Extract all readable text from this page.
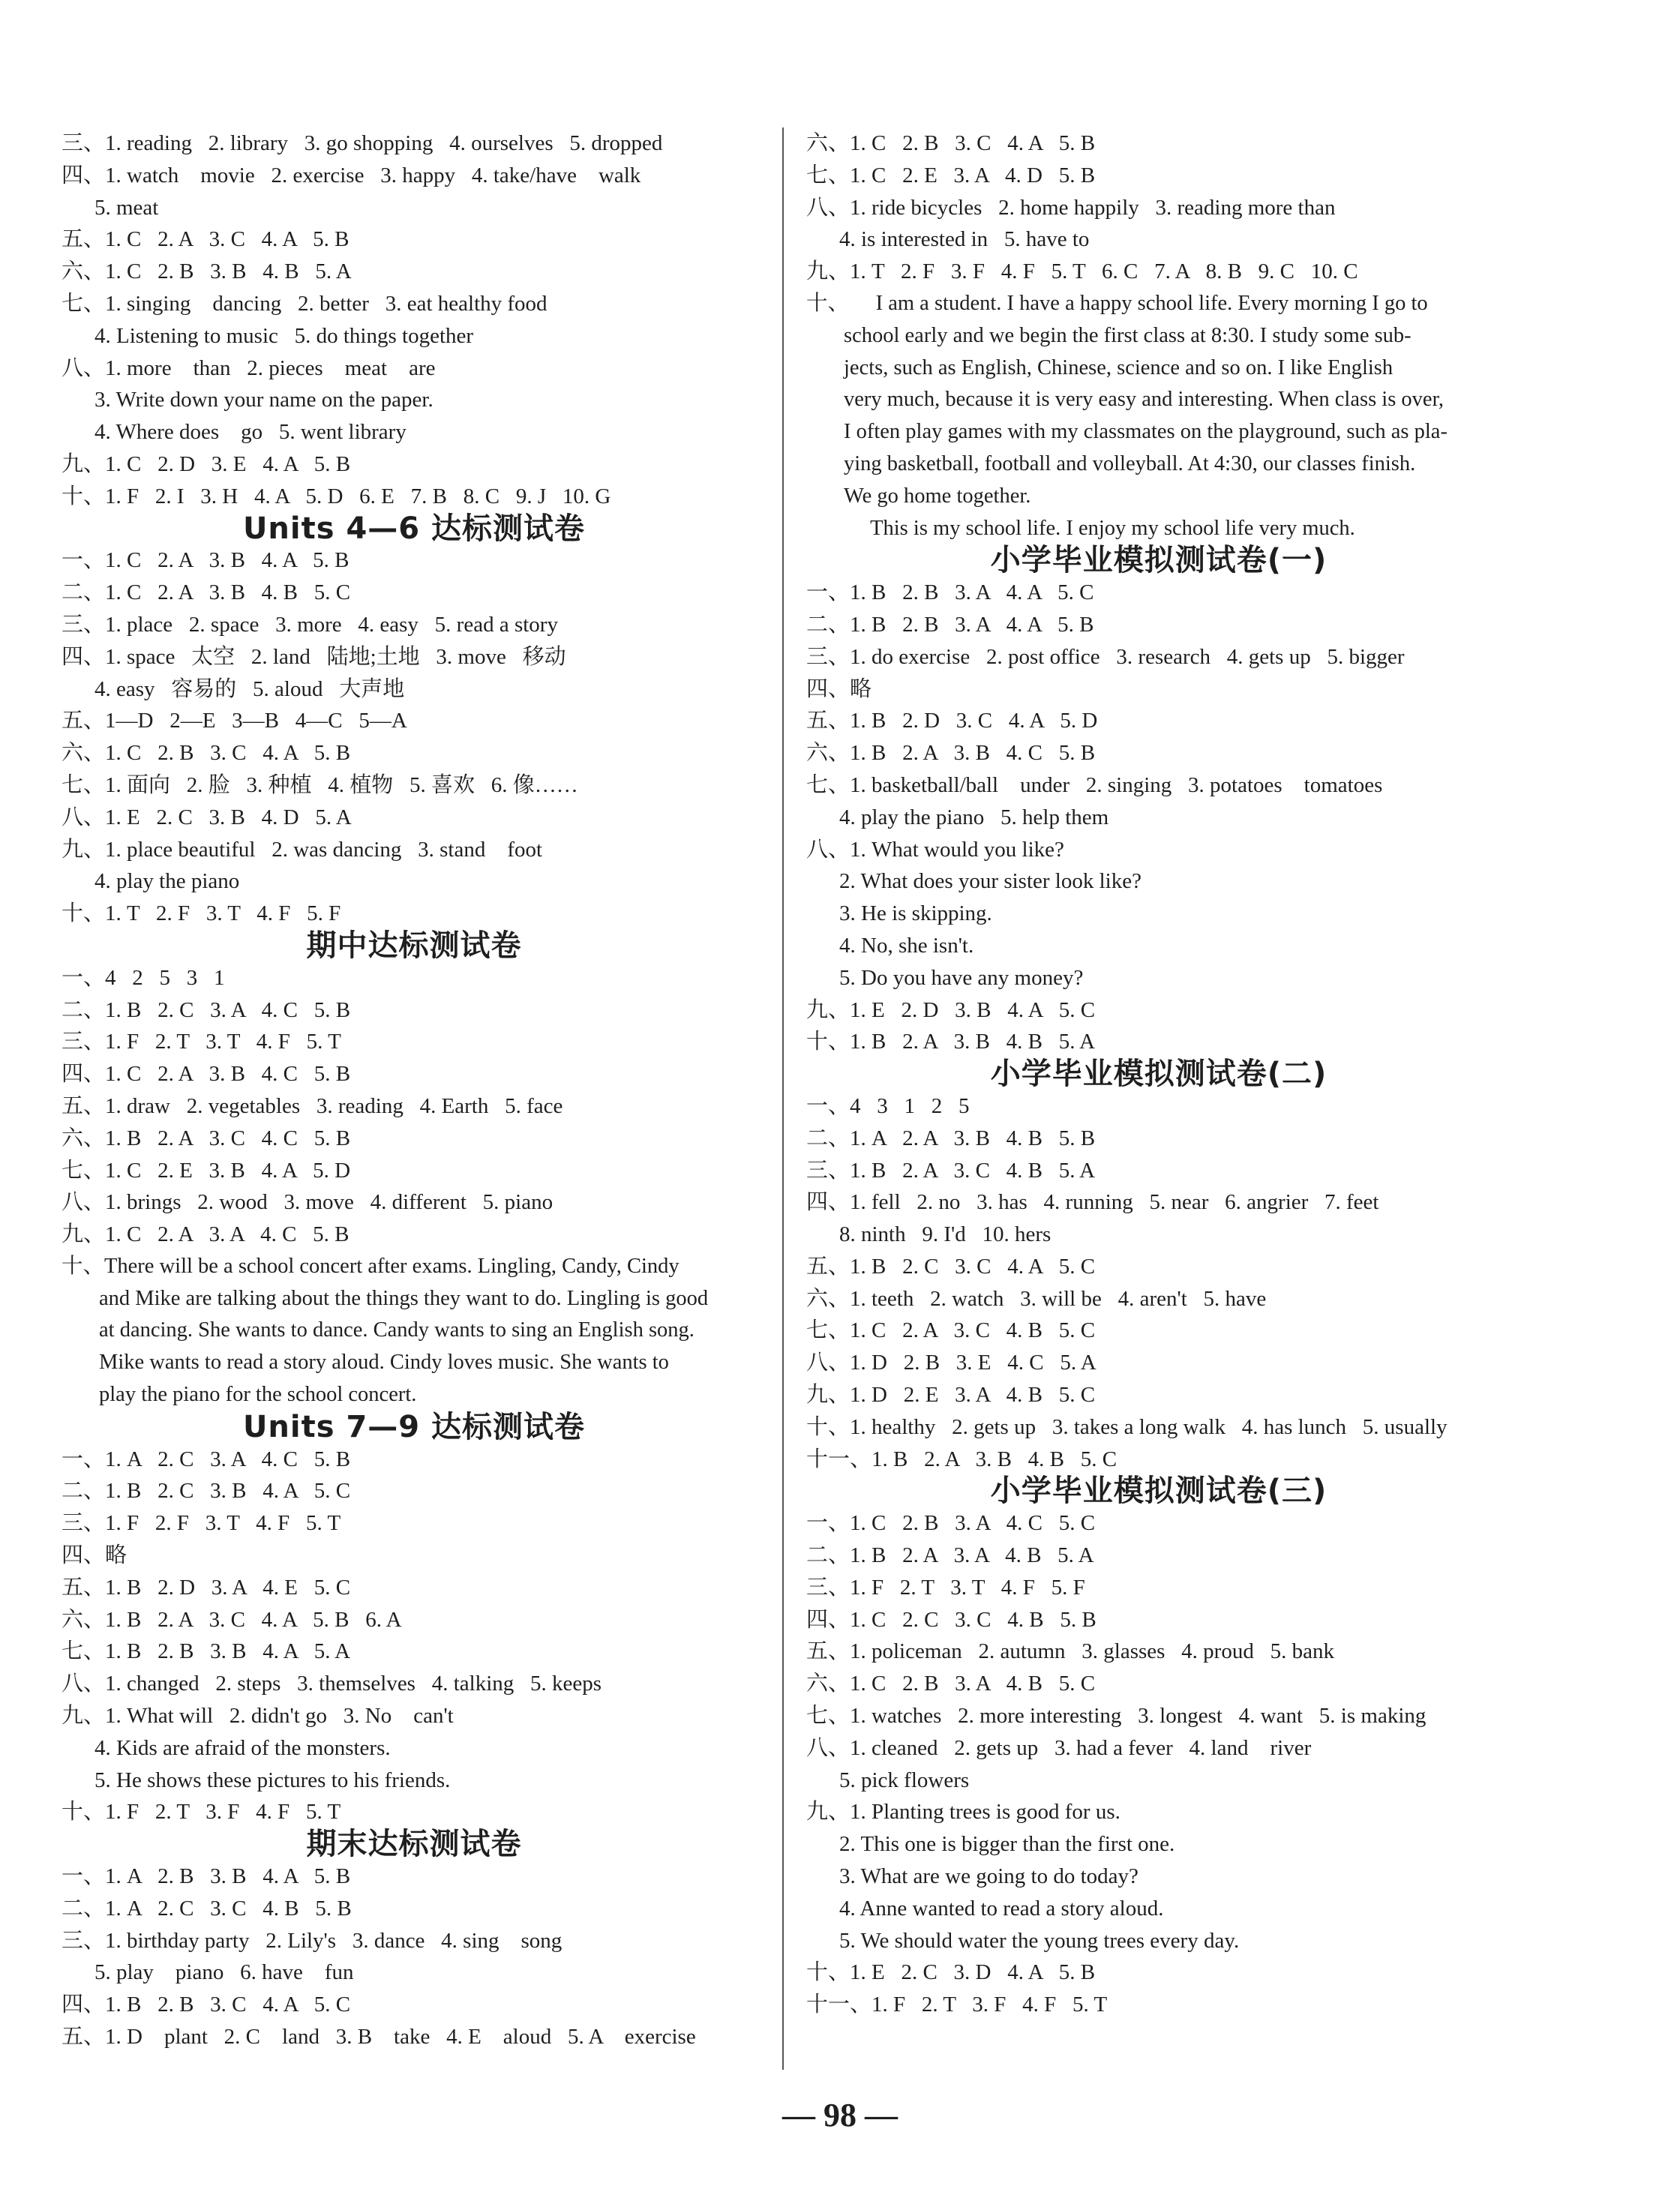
三、1. reading   2. library   3. go shopping   4. ourselves   5. dropped
四、1. watch    movie   2. exercise   3. happy   4. take/have    walk
5. meat
五、1. C   2. A   3. C   4. A   5. B
六、1. C   2. B   3. B   4. B   5. A
七、1. singing    dancing   2. better   3. eat healthy food
4. Listening to music   5. do things together
八、1. more    than   2. pieces    meat    are
3. Write down your name on the paper.
4. Where does    go   5. went library
九、1. C   2. D   3. E   4. A   5. B
十、1. F   2. I   3. H   4. A   5. D   6. E   7. B   8. C   9. J   10. G
Units 4—6 达标测试卷
一、1. C   2. A   3. B   4. A   5. B
二、1. C   2. A   3. B   4. B   5. C
三、1. place   2. space   3. more   4. easy   5. read a story
四、1. space   太空   2. land   陆地;土地   3. move   移动
4. easy   容易的   5. aloud   大声地
五、1—D   2—E   3—B   4—C   5—A
六、1. C   2. B   3. C   4. A   5. B
七、1. 面向   2. 脸   3. 种植   4. 植物   5. 喜欢   6. 像……
八、1. E   2. C   3. B   4. D   5. A
九、1. place beautiful   2. was dancing   3. stand    foot
4. play the piano
十、1. T   2. F   3. T   4. F   5. F
期中达标测试卷
一、4   2   5   3   1
二、1. B   2. C   3. A   4. C   5. B
三、1. F   2. T   3. T   4. F   5. T
四、1. C   2. A   3. B   4. C   5. B
五、1. draw   2. vegetables   3. reading   4. Earth   5. face
六、1. B   2. A   3. C   4. C   5. B
七、1. C   2. E   3. B   4. A   5. D
八、1. brings   2. wood   3. move   4. different   5. piano
九、1. C   2. A   3. A   4. C   5. B
十、There will be a school concert after exams. Lingling, Candy, Cindy
and Mike are talking about the things they want to do. Lingling is good
at dancing. She wants to dance. Candy wants to sing an English song.
Mike wants to read a story aloud. Cindy loves music. She wants to
play the piano for the school concert.
Units 7—9 达标测试卷
一、1. A   2. C   3. A   4. C   5. B
二、1. B   2. C   3. B   4. A   5. C
三、1. F   2. F   3. T   4. F   5. T
四、略
五、1. B   2. D   3. A   4. E   5. C
六、1. B   2. A   3. C   4. A   5. B   6. A
七、1. B   2. B   3. B   4. A   5. A
八、1. changed   2. steps   3. themselves   4. talking   5. keeps
九、1. What will   2. didn't go   3. No    can't
4. Kids are afraid of the monsters.
5. He shows these pictures to his friends.
十、1. F   2. T   3. F   4. F   5. T
期末达标测试卷
一、1. A   2. B   3. B   4. A   5. B
二、1. A   2. C   3. C   4. B   5. B
三、1. birthday party   2. Lily's   3. dance   4. sing    song
5. play    piano   6. have    fun
四、1. B   2. B   3. C   4. A   5. C
五、1. D    plant   2. C    land   3. B    take   4. E    aloud   5. A    exercise
六、1. C   2. B   3. C   4. A   5. B
七、1. C   2. E   3. A   4. D   5. B
八、1. ride bicycles   2. home happily   3. reading more than
4. is interested in   5. have to
九、1. T   2. F   3. F   4. F   5. T   6. C   7. A   8. B   9. C   10. C
十、     I am a student. I have a happy school life. Every morning I go to
school early and we begin the first class at 8:30. I study some sub-
jects, such as English, Chinese, science and so on. I like English
very much, because it is very easy and interesting. When class is over,
I often play games with my classmates on the playground, such as pla-
ying basketball, football and volleyball. At 4:30, our classes finish.
We go home together.
This is my school life. I enjoy my school life very much.
小学毕业模拟测试卷(一)
一、1. B   2. B   3. A   4. A   5. C
二、1. B   2. B   3. A   4. A   5. B
三、1. do exercise   2. post office   3. research   4. gets up   5. bigger
四、略
五、1. B   2. D   3. C   4. A   5. D
六、1. B   2. A   3. B   4. C   5. B
七、1. basketball/ball    under   2. singing   3. potatoes    tomatoes
4. play the piano   5. help them
八、1. What would you like?
2. What does your sister look like?
3. He is skipping.
4. No, she isn't.
5. Do you have any money?
九、1. E   2. D   3. B   4. A   5. C
十、1. B   2. A   3. B   4. B   5. A
小学毕业模拟测试卷(二)
一、4   3   1   2   5
二、1. A   2. A   3. B   4. B   5. B
三、1. B   2. A   3. C   4. B   5. A
四、1. fell   2. no   3. has   4. running   5. near   6. angrier   7. feet
8. ninth   9. I'd   10. hers
五、1. B   2. C   3. C   4. A   5. C
六、1. teeth   2. watch   3. will be   4. aren't   5. have
七、1. C   2. A   3. C   4. B   5. C
八、1. D   2. B   3. E   4. C   5. A
九、1. D   2. E   3. A   4. B   5. C
十、1. healthy   2. gets up   3. takes a long walk   4. has lunch   5. usually
十一、1. B   2. A   3. B   4. B   5. C
小学毕业模拟测试卷(三)
一、1. C   2. B   3. A   4. C   5. C
二、1. B   2. A   3. A   4. B   5. A
三、1. F   2. T   3. T   4. F   5. F
四、1. C   2. C   3. C   4. B   5. B
五、1. policeman   2. autumn   3. glasses   4. proud   5. bank
六、1. C   2. B   3. A   4. B   5. C
七、1. watches   2. more interesting   3. longest   4. want   5. is making
八、1. cleaned   2. gets up   3. had a fever   4. land    river
5. pick flowers
九、1. Planting trees is good for us.
2. This one is bigger than the first one.
3. What are we going to do today?
4. Anne wanted to read a story aloud.
5. We should water the young trees every day.
十、1. E   2. C   3. D   4. A   5. B
十一、1. F   2. T   3. F   4. F   5. T
— 98 —
